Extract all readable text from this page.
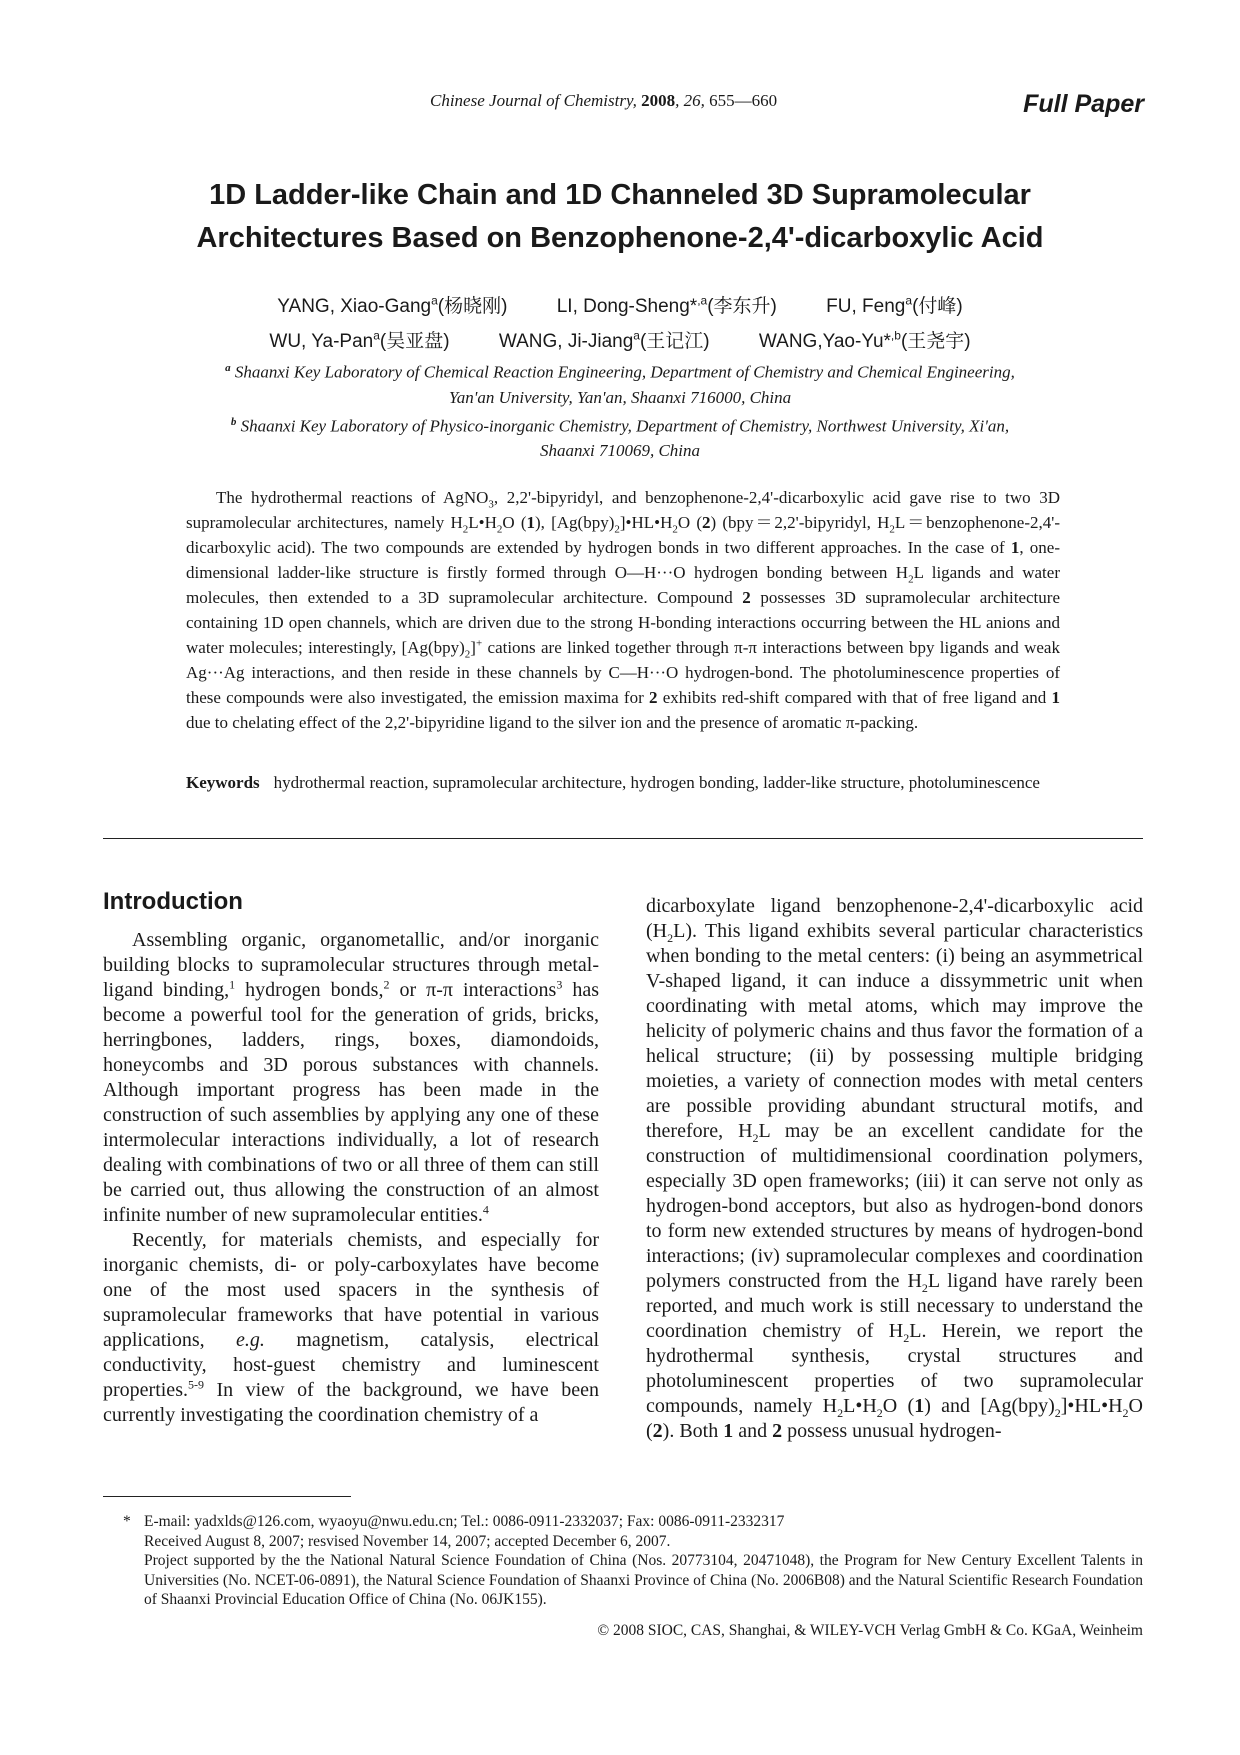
Chinese Journal of Chemistry, 2008, 26, 655—660	Full Paper
1D Ladder-like Chain and 1D Channeled 3D Supramolecular
Architectures Based on Benzophenone-2,4'-dicarboxylic Acid
YANG, Xiao-Gang$^a$(杨晓刚)	LI, Dong-Sheng*$^{,a}$(李东升)	FU, Feng$^a$(付峰)
WU, Ya-Pan$^a$(吴亚盘)	WANG, Ji-Jiang$^a$(王记江)	WANG,Yao-Yu*$^{,b}$(王尧宇)
$^a$ Shaanxi Key Laboratory of Chemical Reaction Engineering, Department of Chemistry and Chemical Engineering,
Yan'an University, Yan'an, Shaanxi 716000, China
$^b$ Shaanxi Key Laboratory of Physico-inorganic Chemistry, Department of Chemistry, Northwest University, Xi'an,
Shaanxi 710069, China

The hydrothermal reactions of AgNO$_3$, 2,2'-bipyridyl, and benzophenone-2,4'-dicarboxylic acid gave rise to two 3D supramolecular architectures, namely $H_2L•H_2O$ (1), $[Ag(bpy)_2]•HL•H_2O$ (2) (bpy＝2,2'-bipyridyl, $H_2L=benzophenone-2,4'$-dicarboxylic acid). The two compounds are extended by hydrogen bonds in two different approaches. In the case of 1, one-dimensional ladder-like structure is firstly formed through O—H···O hydrogen bonding between $H_2L$ ligands and water molecules, then extended to a 3D supramolecular architecture. Compound 2 possesses 3D supramolecular architecture containing 1D open channels, which are driven due to the strong H-bonding interactions occurring between the HL anions and water molecules; interestingly, $[Ag(bpy)_2]^+$ cations are linked together through π-π interactions between bpy ligands and weak Ag···Ag interactions, and then reside in these channels by C—H···O hydrogen-bond. The photoluminescence properties of these compounds were also investigated, the emission maxima for 2 exhibits red-shift compared with that of free ligand and 1 due to chelating effect of the 2,2'-bipyridine ligand to the silver ion and the presence of aromatic π-packing.

Keywords hydrothermal reaction, supramolecular architecture, hydrogen bonding, ladder-like structure, photoluminescence
Introduction

Assembling organic, organometallic, and/or inorganic building blocks to supramolecular structures through metal-ligand binding,$^1$ hydrogen bonds,$^2$ or π-π interactions$^3$ has become a powerful tool for the generation of grids, bricks, herringbones, ladders, rings, boxes, diamondoids, honeycombs and 3D porous substances with channels. Although important progress has been made in the construction of such assemblies by applying any one of these intermolecular interactions individually, a lot of research dealing with combinations of two or all three of them can still be carried out, thus allowing the construction of an almost infinite number of new supramolecular entities.$^4$

Recently, for materials chemists, and especially for inorganic chemists, di- or poly-carboxylates have become one of the most used spacers in the synthesis of supramolecular frameworks that have potential in various applications, e.g. magnetism, catalysis, electrical conductivity, host-guest chemistry and luminescent properties.$^{5-9}$ In view of the background, we have been currently investigating the coordination chemistry of a

dicarboxylate ligand benzophenone-2,4'-dicarboxylic acid $(H_2L)$. This ligand exhibits several particular characteristics when bonding to the metal centers: (i) being an asymmetrical V-shaped ligand, it can induce a dissymmetric unit when coordinating with metal atoms, which may improve the helicity of polymeric chains and thus favor the formation of a helical structure; (ii) by possessing multiple bridging moieties, a variety of connection modes with metal centers are possible providing abundant structural motifs, and therefore, $H_2L$ may be an excellent candidate for the construction of multidimensional coordination polymers, especially 3D open frameworks; (iii) it can serve not only as hydrogen-bond acceptors, but also as hydrogen-bond donors to form new extended structures by means of hydrogen-bond interactions; (iv) supramolecular complexes and coordination polymers constructed from the $H_2L$ ligand have rarely been reported, and much work is still necessary to understand the coordination chemistry of $H_2L$. Herein, we report the hydrothermal synthesis, crystal structures and photoluminescent properties of two supramolecular compounds, namely $H_2L•H_2O$ (1) and $[Ag(bpy)_2]•HL•H_2O$ (2). Both 1 and 2 possess unusual hydrogen-

* E-mail: yadxlds@126.com, wyaoyu@nwu.edu.cn; Tel.: 0086-0911-2332037; Fax: 0086-0911-2332317
Received August 8, 2007; resvised November 14, 2007; accepted December 6, 2007.
Project supported by the the National Natural Science Foundation of China (Nos. 20773104, 20471048), the Program for New Century Excellent Talents in Universities (No. NCET-06-0891), the Natural Science Foundation of Shaanxi Province of China (No. 2006B08) and the Natural Scientific Research Foundation of Shaanxi Provincial Education Office of China (No. 06JK155).
© 2008 SIOC, CAS, Shanghai, & WILEY-VCH Verlag GmbH & Co. KGaA, Weinheim
